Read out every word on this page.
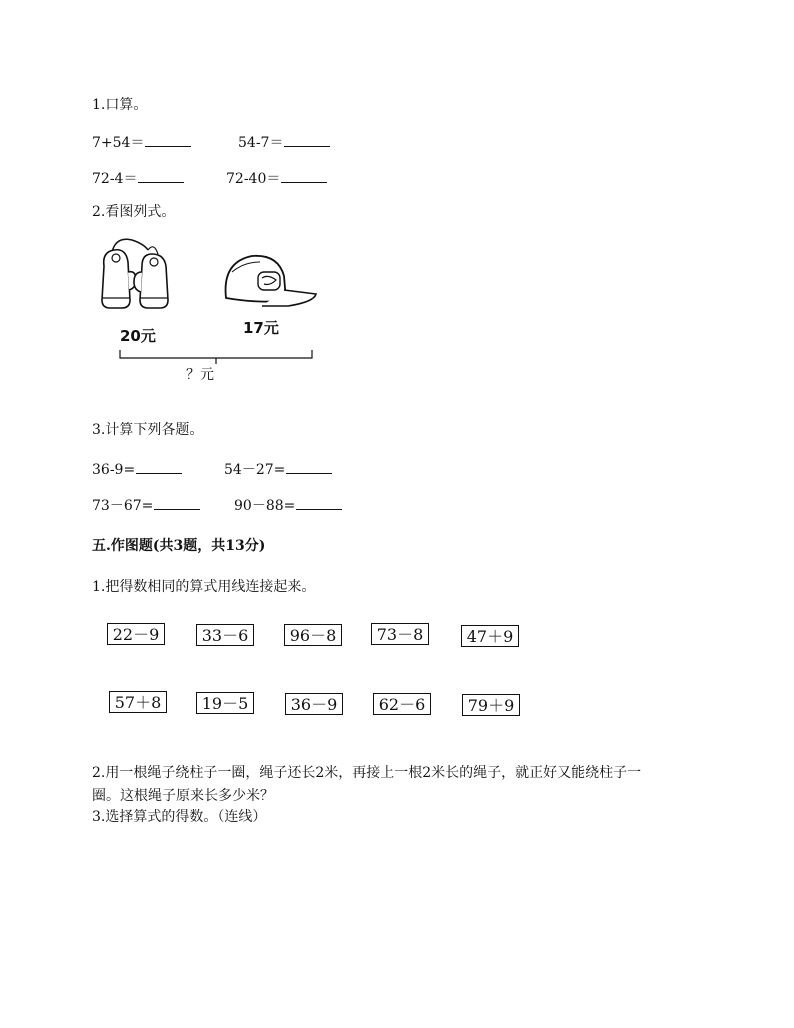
1.口算。
7+54＝	54-7＝
72-4＝	72-40＝
2.看图列式。
20元	17元
？元
3.计算下列各题。
36-9=	54－27=
73－67=	90－88=
五.作图题(共3题，共13分)
1.把得数相同的算式用线连接起来。
22－9	33－6	96－8	73－8	47＋9
57＋8	19－5	36－9	62－6	79＋9
2.用一根绳子绕柱子一圈，绳子还长2米，再接上一根2米长的绳子，就正好又能绕柱子一
圈。这根绳子原来长多少米？
3.选择算式的得数。（连线）
